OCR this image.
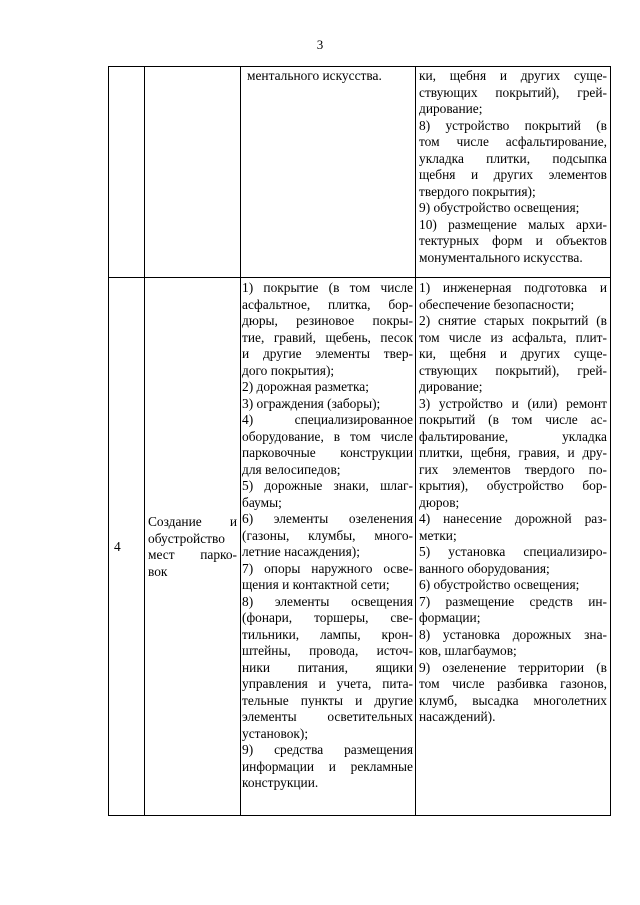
3

ментального искусства.	ки, щебня и других суще-

ствующих покрытий), грей-

дирование;

8) устройство покрытий (в

том числе асфальтирование,

укладка плитки, подсыпка

щебня и других элементов

твердого покрытия);

9) обустройство освещения;

10) размещение малых архи-

тектурных форм и объектов

монументального искусства.

4

Создание и

обустройство

мест парко-

вок

1) покрытие (в том числе

асфальтное, плитка, бор-

дюры, резиновое покры-

тие, гравий, щебень, песок

и другие элементы твер-

дого покрытия);

2) дорожная разметка;

3) ограждения (заборы);

4) специализированное

оборудование, в том числе

парковочные конструкции

для велосипедов;

5) дорожные знаки, шлаг-

баумы;

6) элементы озеленения

(газоны, клумбы, много-

летние насаждения);

7) опоры наружного осве-

щения и контактной сети;

8) элементы освещения

(фонари, торшеры, све-

тильники, лампы, крон-

штейны, провода, источ-

ники питания, ящики

управления и учета, пита-

тельные пункты и другие

элементы осветительных

установок);

9) средства размещения

информации и рекламные

конструкции.

1) инженерная подготовка и

обеспечение безопасности;

2) снятие старых покрытий (в

том числе из асфальта, плит-

ки, щебня и других суще-

ствующих покрытий), грей-

дирование;

3) устройство и (или) ремонт

покрытий (в том числе ас-

фальтирование, укладка

плитки, щебня, гравия, и дру-

гих элементов твердого по-

крытия), обустройство бор-

дюров;

4) нанесение дорожной раз-

метки;

5) установка специализиро-

ванного оборудования;

6) обустройство освещения;

7) размещение средств ин-

формации;

8) установка дорожных зна-

ков, шлагбаумов;

9) озеленение территории (в

том числе разбивка газонов,

клумб, высадка многолетних

насаждений).
